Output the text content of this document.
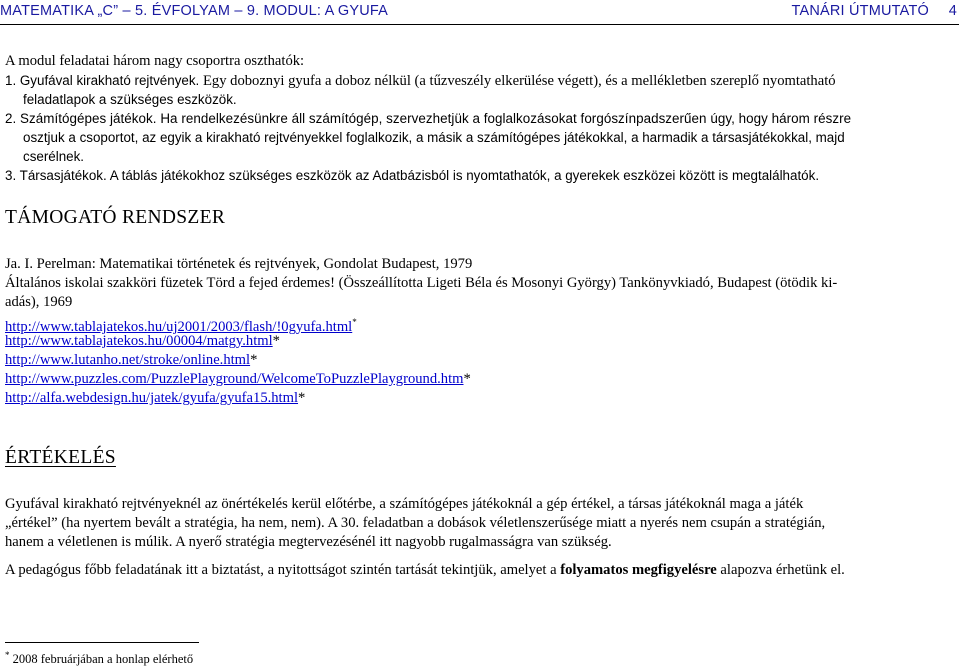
MATEMATIKA „C” – 5. ÉVFOLYAM – 9. MODUL: A GYUFA	TANÁRI ÚTMUTATÓ 4
A modul feladatai három nagy csoportra oszthatók:
1. Gyufával kirakható rejtvények. Egy doboznyi gyufa a doboz nélkül (a tűzveszély elkerülése végett), és a mellékletben szereplő nyomtatható
feladatlapok a szükséges eszközök.
2. Számítógépes játékok. Ha rendelkezésünkre áll számítógép, szervezhetjük a foglalkozásokat forgószínpadszerűen úgy, hogy három részre
osztjuk a csoportot, az egyik a kirakható rejtvényekkel foglalkozik, a másik a számítógépes játékokkal, a harmadik a társasjátékokkal, majd
cserélnek.
3. Társasjátékok. A táblás játékokhoz szükséges eszközök az Adatbázisból is nyomtathatók, a gyerekek eszközei között is megtalálhatók.
TÁMOGATÓ RENDSZER
Ja. I. Perelman: Matematikai történetek és rejtvények, Gondolat Budapest, 1979
Általános iskolai szakköri füzetek Törd a fejed érdemes! (Összeállította Ligeti Béla és Mosonyi György) Tankönyvkiadó, Budapest (ötödik ki-
adás), 1969
http://www.tablajatekos.hu/uj2001/2003/flash/!0gyufa.html*
http://www.tablajatekos.hu/00004/matgy.html*
http://www.lutanho.net/stroke/online.html*
http://www.puzzles.com/PuzzlePlayground/WelcomeToPuzzlePlayground.htm*
http://alfa.webdesign.hu/jatek/gyufa/gyufa15.html*
ÉRTÉKELÉS
Gyufával kirakható rejtvényeknél az önértékelés kerül előtérbe, a számítógépes játékoknál a gép értékel, a társas játékoknál maga a játék
„értékel” (ha nyertem bevált a stratégia, ha nem, nem). A 30. feladatban a dobások véletlenszerűsége miatt a nyerés nem csupán a stratégián,
hanem a véletlenen is múlik. A nyerő stratégia megtervezésénél itt nagyobb rugalmasságra van szükség.
A pedagógus főbb feladatának itt a biztatást, a nyitottságot szintén tartását tekintjük, amelyet a folyamatos megfigyelésre alapozva érhetünk el.
* 2008 februárjában a honlap elérhető
